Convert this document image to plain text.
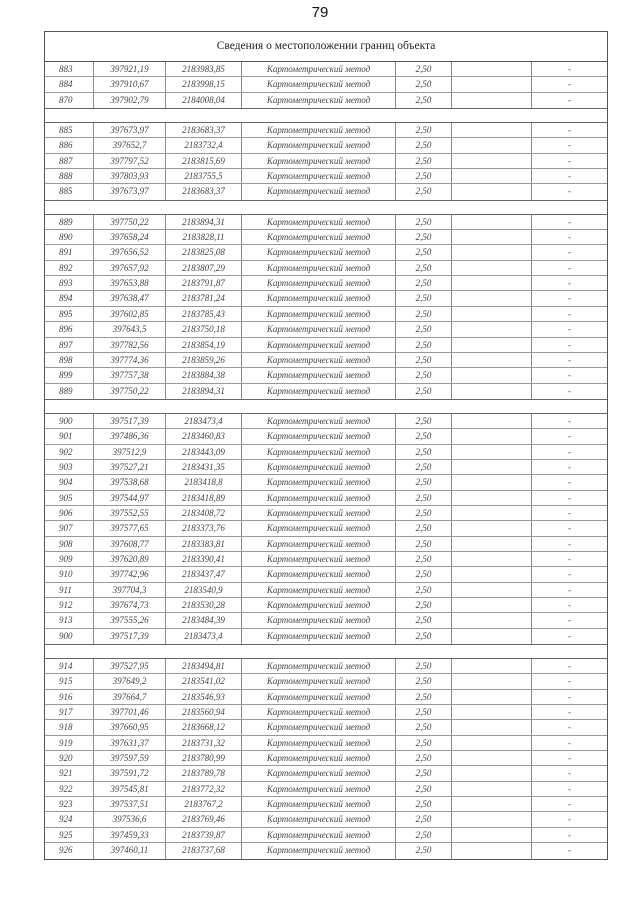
79
Сведения о местоположении границ объекта
883	397921,19	2183983,85	Картометрический метод	2,50	-
884	397910,67	2183998,15	Картометрический метод	2,50	-
870	397902,79	2184008,04	Картометрический метод	2,50	-
885	397673,97	2183683,37	Картометрический метод	2,50	-
886	397652,7	2183732,4	Картометрический метод	2,50	-
887	397797,52	2183815,69	Картометрический метод	2,50	-
888	397803,93	2183755,5	Картометрический метод	2,50	-
885	397673,97	2183683,37	Картометрический метод	2,50	-
889	397750,22	2183894,31	Картометрический метод	2,50	-
890	397658,24	2183828,11	Картометрический метод	2,50	-
891	397656,52	2183825,08	Картометрический метод	2,50	-
892	397657,92	2183807,29	Картометрический метод	2,50	-
893	397653,88	2183791,87	Картометрический метод	2,50	-
894	397638,47	2183781,24	Картометрический метод	2,50	-
895	397602,85	2183785,43	Картометрический метод	2,50	-
896	397643,5	2183750,18	Картометрический метод	2,50	-
897	397782,56	2183854,19	Картометрический метод	2,50	-
898	397774,36	2183859,26	Картометрический метод	2,50	-
899	397757,38	2183884,38	Картометрический метод	2,50	-
889	397750,22	2183894,31	Картометрический метод	2,50	-
900	397517,39	2183473,4	Картометрический метод	2,50	-
901	397486,36	2183460,83	Картометрический метод	2,50	-
902	397512,9	2183443,09	Картометрический метод	2,50	-
903	397527,21	2183431,35	Картометрический метод	2,50	-
904	397538,68	2183418,8	Картометрический метод	2,50	-
905	397544,97	2183418,89	Картометрический метод	2,50	-
906	397552,55	2183408,72	Картометрический метод	2,50	-
907	397577,65	2183373,76	Картометрический метод	2,50	-
908	397608,77	2183383,81	Картометрический метод	2,50	-
909	397620,89	2183390,41	Картометрический метод	2,50	-
910	397742,96	2183437,47	Картометрический метод	2,50	-
911	397704,3	2183540,9	Картометрический метод	2,50	-
912	397674,73	2183530,28	Картометрический метод	2,50	-
913	397555,26	2183484,39	Картометрический метод	2,50	-
900	397517,39	2183473,4	Картометрический метод	2,50	-
914	397527,95	2183494,81	Картометрический метод	2,50	-
915	397649,2	2183541,02	Картометрический метод	2,50	-
916	397664,7	2183546,93	Картометрический метод	2,50	-
917	397701,46	2183560,94	Картометрический метод	2,50	-
918	397660,95	2183668,12	Картометрический метод	2,50	-
919	397631,37	2183731,32	Картометрический метод	2,50	-
920	397597,59	2183780,99	Картометрический метод	2,50	-
921	397591,72	2183789,78	Картометрический метод	2,50	-
922	397545,81	2183772,32	Картометрический метод	2,50	-
923	397537,51	2183767,2	Картометрический метод	2,50	-
924	397536,6	2183769,46	Картометрический метод	2,50	-
925	397459,33	2183739,87	Картометрический метод	2,50	-
926	397460,11	2183737,68	Картометрический метод	2,50	-
